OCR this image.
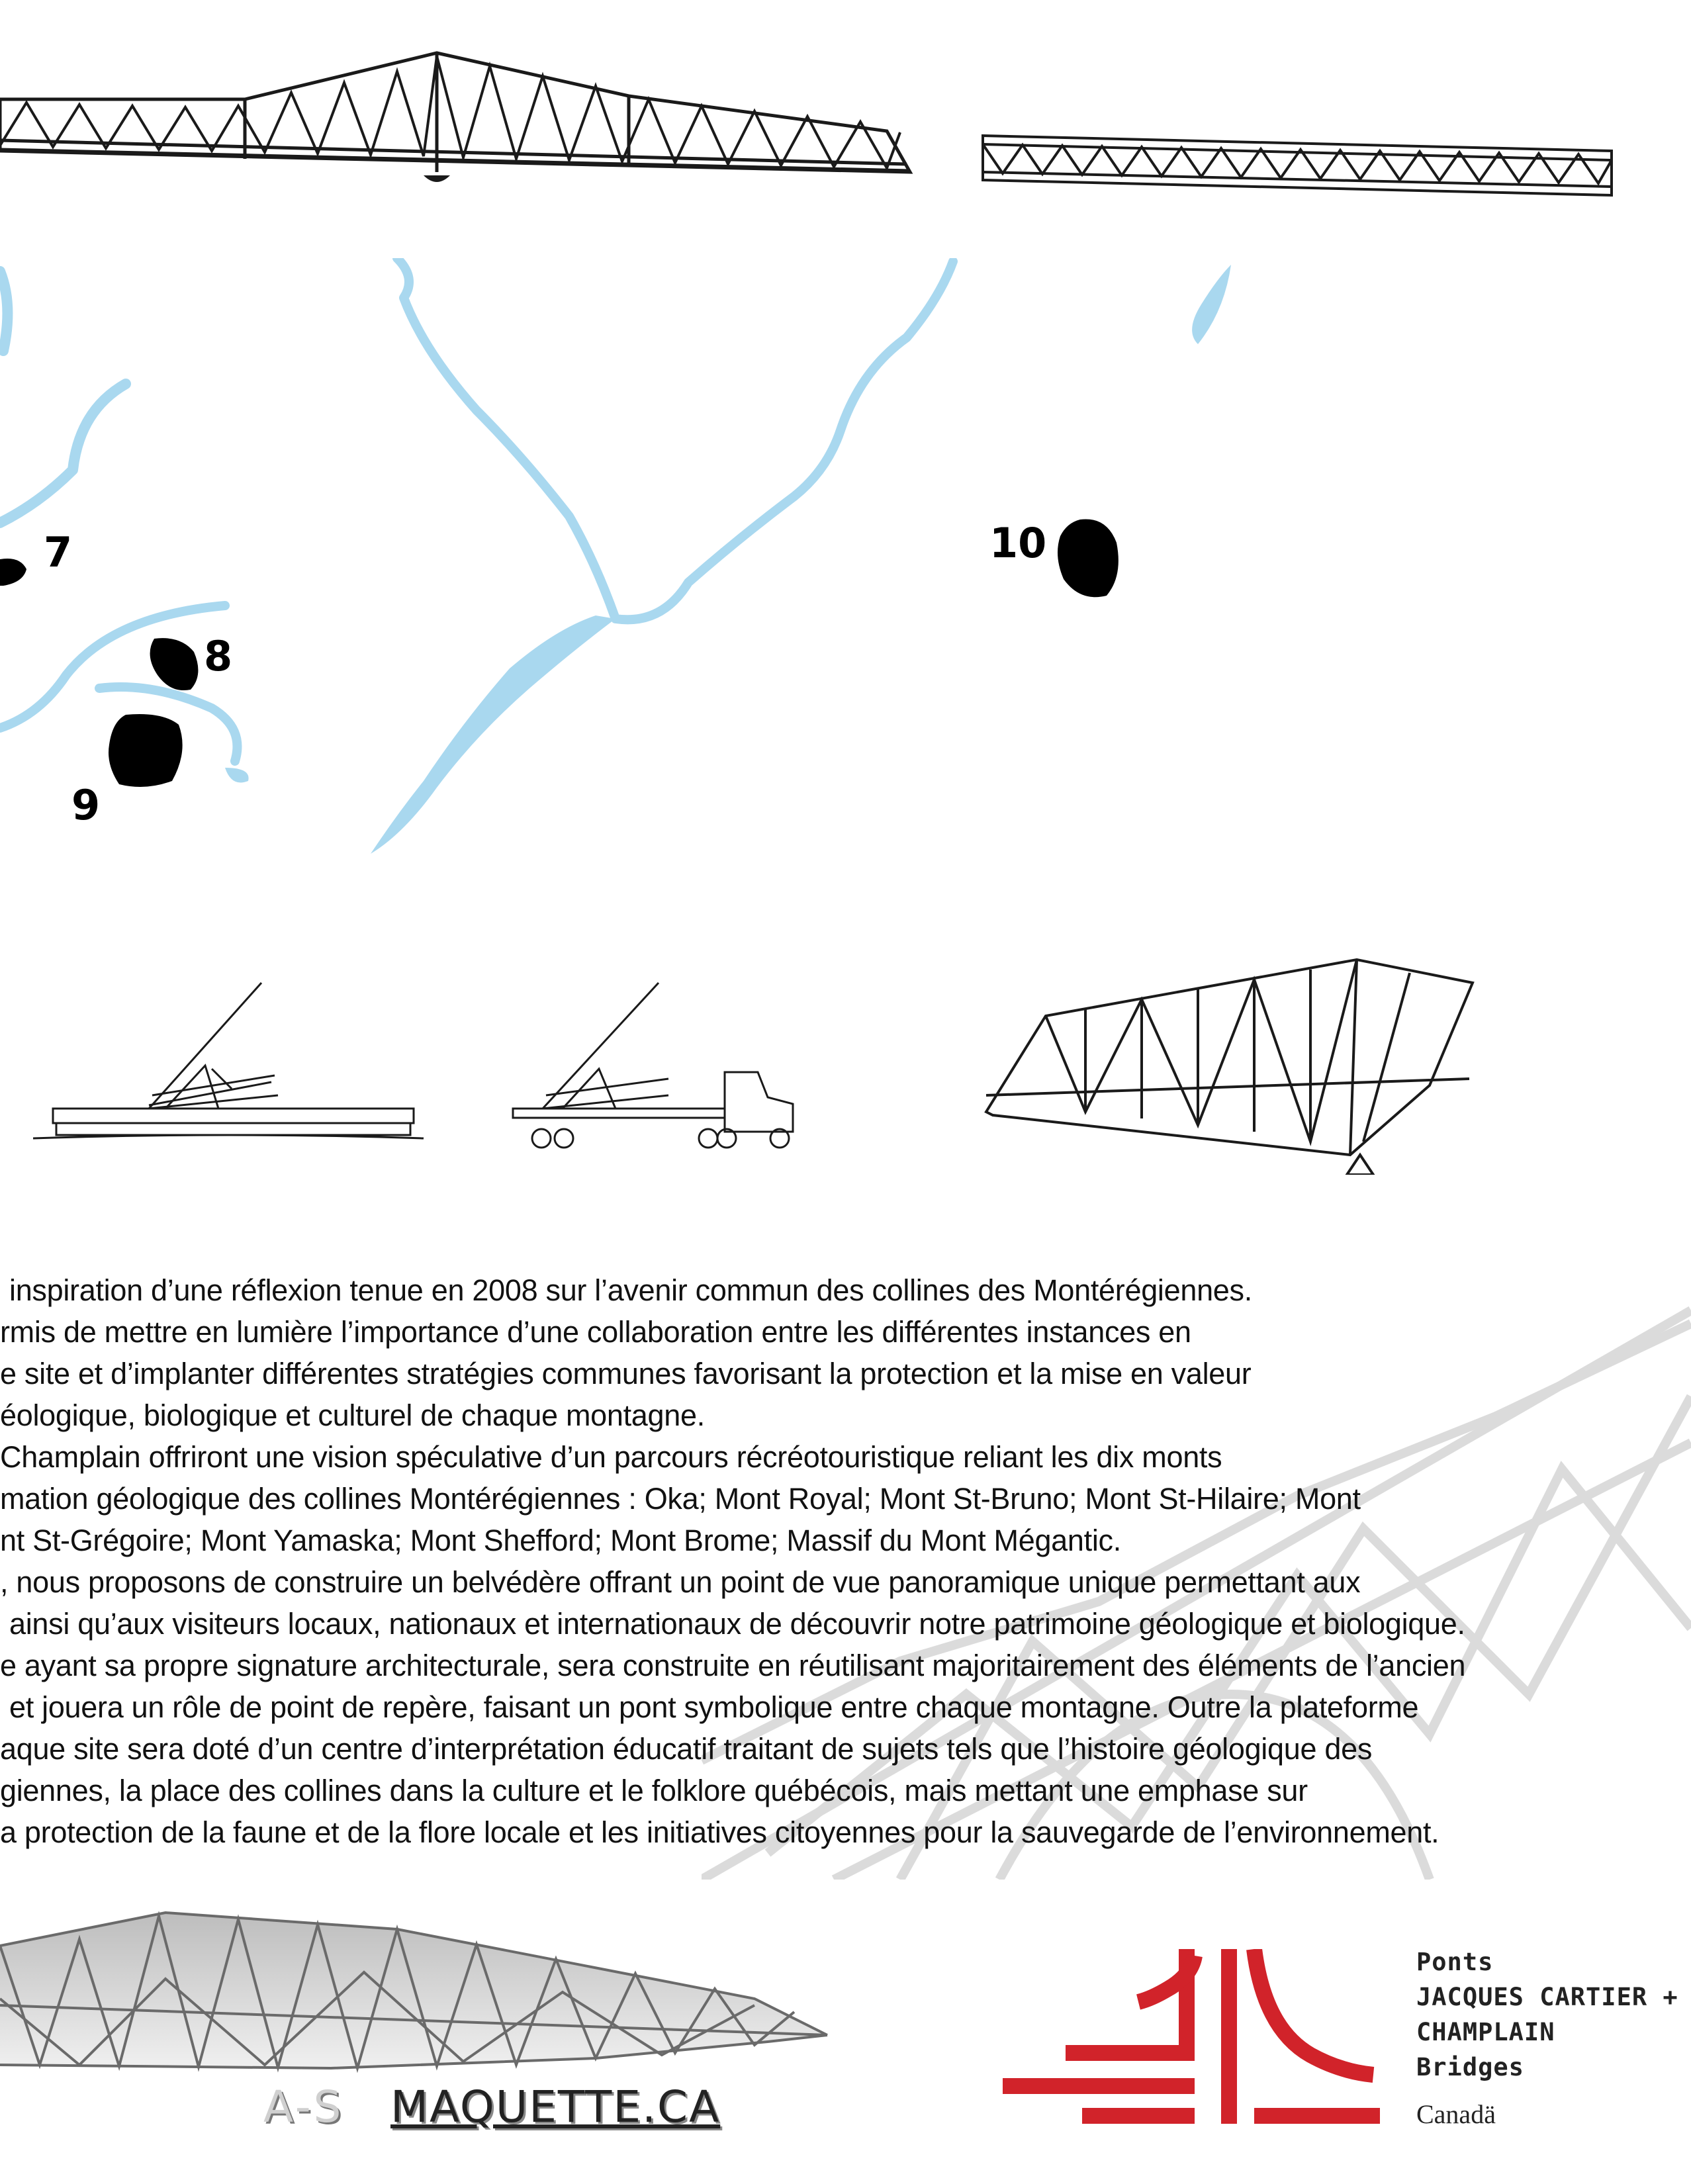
7
8
9
10
inspiration d’une réflexion tenue en 2008 sur l’avenir commun des collines des Montérégiennes.
rmis de mettre en lumière l’importance d’une collaboration entre les différentes instances en
e site et d’implanter différentes stratégies communes favorisant la protection et la mise en valeur
éologique, biologique et culturel de chaque montagne.
Champlain offriront une vision spéculative d’un parcours récréotouristique reliant les dix monts
mation géologique des collines Montérégiennes : Oka; Mont Royal; Mont St-Bruno; Mont St-Hilaire; Mont
nt St-Grégoire; Mont Yamaska; Mont Shefford; Mont Brome; Massif du Mont Mégantic.
, nous proposons de construire un belvédère offrant un point de vue panoramique unique permettant aux
ainsi qu’aux visiteurs locaux, nationaux et internationaux de découvrir notre patrimoine géologique et biologique.
e ayant sa propre signature architecturale, sera construite en réutilisant majoritairement des éléments de l’ancien
et jouera un rôle de point de repère, faisant un pont symbolique entre chaque montagne. Outre la plateforme
aque site sera doté d’un centre d’interprétation éducatif traitant de sujets tels que l’histoire géologique des
giennes, la place des collines dans la culture et le folklore québécois, mais mettant une emphase sur
a protection de la faune et de la flore locale et les initiatives citoyennes pour la sauvegarde de l’environnement.
A-S MAQUETTE.CA
Ponts
JACQUES CARTIER +
CHAMPLAIN
Bridges
Canadä
